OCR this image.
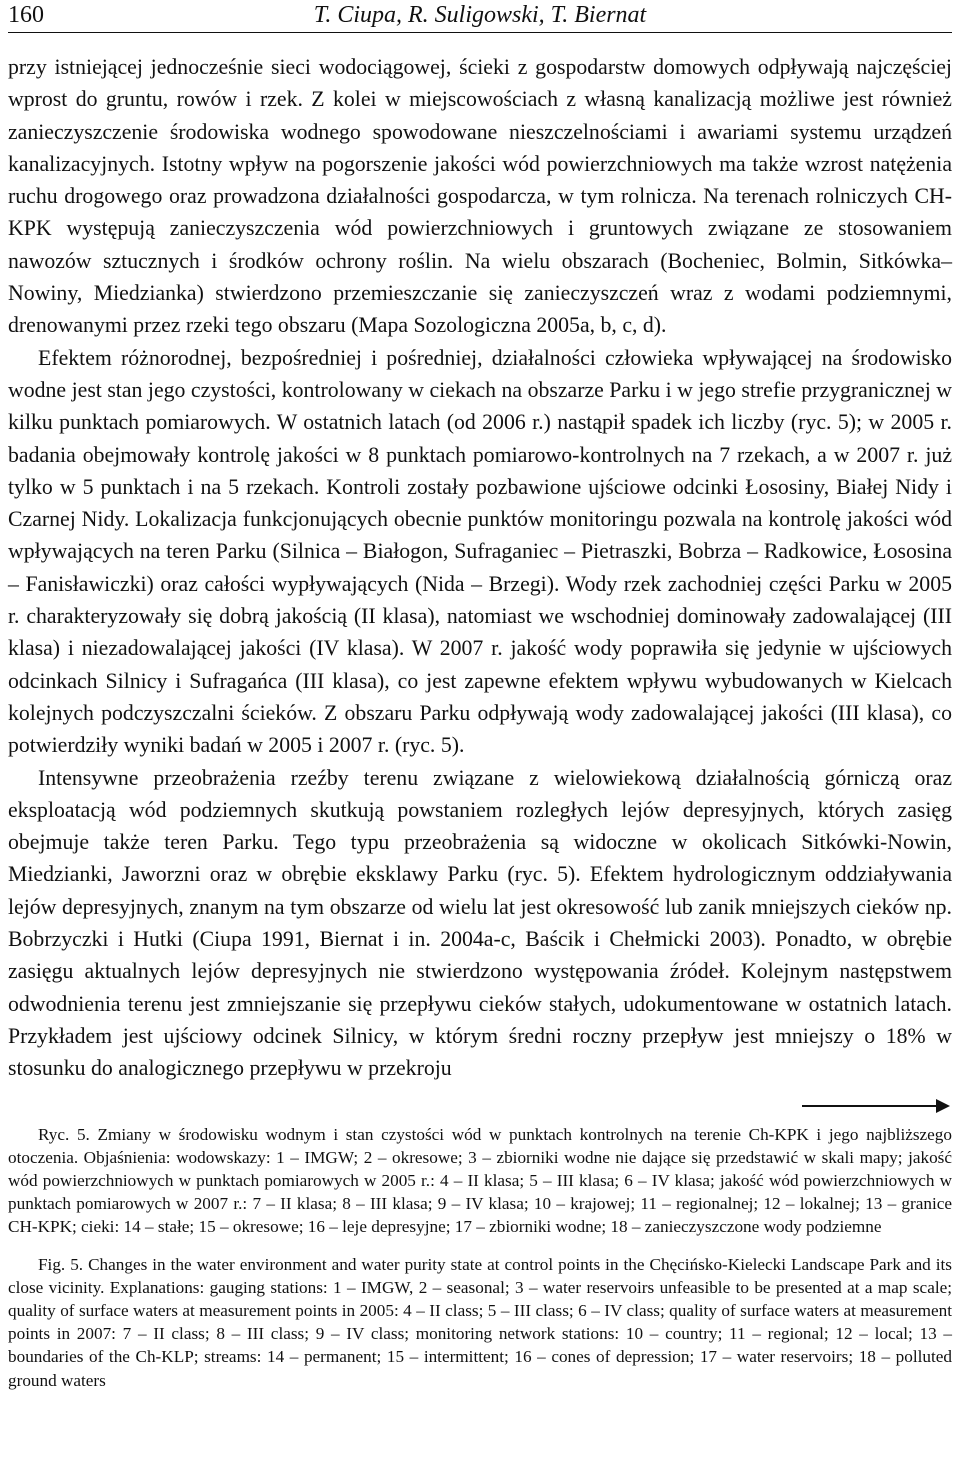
160	T. Ciupa, R. Suligowski, T. Biernat

przy istniejącej jednocześnie sieci wodociągowej, ścieki z gospodarstw domowych odpływają najczęściej wprost do gruntu, rowów i rzek. Z kolei w miejscowościach z własną kanalizacją możliwe jest również zanieczyszczenie środowiska wodnego spowodowane nieszczelnościami i awariami systemu urządzeń kanalizacyjnych. Istotny wpływ na pogorszenie jakości wód powierzchniowych ma także wzrost natężenia ruchu drogowego oraz prowadzona działalności gospodarcza, w tym rolnicza. Na terenach rolniczych CH-KPK występują zanieczyszczenia wód powierzchniowych i gruntowych związane ze stosowaniem nawozów sztucznych i środków ochrony roślin. Na wielu obszarach (Bocheniec, Bolmin, Sitkówka–Nowiny, Miedzianka) stwierdzono przemieszczanie się zanieczyszczeń wraz z wodami podziemnymi, drenowanymi przez rzeki tego obszaru (Mapa Sozologiczna 2005a, b, c, d).

Efektem różnorodnej, bezpośredniej i pośredniej, działalności człowieka wpływającej na środowisko wodne jest stan jego czystości, kontrolowany w ciekach na obszarze Parku i w jego strefie przygranicznej w kilku punktach pomiarowych. W ostatnich latach (od 2006 r.) nastąpił spadek ich liczby (ryc. 5); w 2005 r. badania obejmowały kontrolę jakości w 8 punktach pomiarowo-kontrolnych na 7 rzekach, a w 2007 r. już tylko w 5 punktach i na 5 rzekach. Kontroli zostały pozbawione ujściowe odcinki Łososiny, Białej Nidy i Czarnej Nidy. Lokalizacja funkcjonujących obecnie punktów monitoringu pozwala na kontrolę jakości wód wpływających na teren Parku (Silnica – Białogon, Sufraganiec – Pietraszki, Bobrza – Radkowice, Łososina – Fanisławiczki) oraz całości wypływających (Nida – Brzegi). Wody rzek zachodniej części Parku w 2005 r. charakteryzowały się dobrą jakością (II klasa), natomiast we wschodniej dominowały zadowalającej (III klasa) i niezadowalającej jakości (IV klasa). W 2007 r. jakość wody poprawiła się jedynie w ujściowych odcinkach Silnicy i Sufragańca (III klasa), co jest zapewne efektem wpływu wybudowanych w Kielcach kolejnych podczyszczalni ścieków. Z obszaru Parku odpływają wody zadowalającej jakości (III klasa), co potwierdziły wyniki badań w 2005 i 2007 r. (ryc. 5).

Intensywne przeobrażenia rzeźby terenu związane z wielowiekową działalnością górniczą oraz eksploatacją wód podziemnych skutkują powstaniem rozległych lejów depresyjnych, których zasięg obejmuje także teren Parku. Tego typu przeobrażenia są widoczne w okolicach Sitkówki-Nowin, Miedzianki, Jaworzni oraz w obrębie eksklawy Parku (ryc. 5). Efektem hydrologicznym oddziaływania lejów depresyjnych, znanym na tym obszarze od wielu lat jest okresowość lub zanik mniejszych cieków np. Bobrzyczki i Hutki (Ciupa 1991, Biernat i in. 2004a-c, Baścik i Chełmicki 2003). Ponadto, w obrębie zasięgu aktualnych lejów depresyjnych nie stwierdzono występowania źródeł. Kolejnym następstwem odwodnienia terenu jest zmniejszanie się przepływu cieków stałych, udokumentowane w ostatnich latach. Przykładem jest ujściowy odcinek Silnicy, w którym średni roczny przepływ jest mniejszy o 18% w stosunku do analogicznego przepływu w przekroju

Ryc. 5. Zmiany w środowisku wodnym i stan czystości wód w punktach kontrolnych na terenie Ch-KPK i jego najbliższego otoczenia. Objaśnienia: wodowskazy: 1 – IMGW; 2 – okresowe; 3 – zbiorniki wodne nie dające się przedstawić w skali mapy; jakość wód powierzchniowych w punktach pomiarowych w 2005 r.: 4 – II klasa; 5 – III klasa; 6 – IV klasa; jakość wód powierzchniowych w punktach pomiarowych w 2007 r.: 7 – II klasa; 8 – III klasa; 9 – IV klasa; 10 – krajowej; 11 – regionalnej; 12 – lokalnej; 13 – granice CH-KPK; cieki: 14 – stałe; 15 – okresowe; 16 – leje depresyjne; 17 – zbiorniki wodne; 18 – zanieczyszczone wody podziemne

Fig. 5. Changes in the water environment and water purity state at control points in the Chęcińsko-Kielecki Landscape Park and its close vicinity. Explanations: gauging stations: 1 – IMGW, 2 – seasonal; 3 – water reservoirs unfeasible to be presented at a map scale; quality of surface waters at measurement points in 2005: 4 – II class; 5 – III class; 6 – IV class; quality of surface waters at measurement points in 2007: 7 – II class; 8 – III class; 9 – IV class; monitoring network stations: 10 – country; 11 – regional; 12 – local; 13 – boundaries of the Ch-KLP; streams: 14 – permanent; 15 – intermittent; 16 – cones of depression; 17 – water reservoirs; 18 – polluted ground waters
